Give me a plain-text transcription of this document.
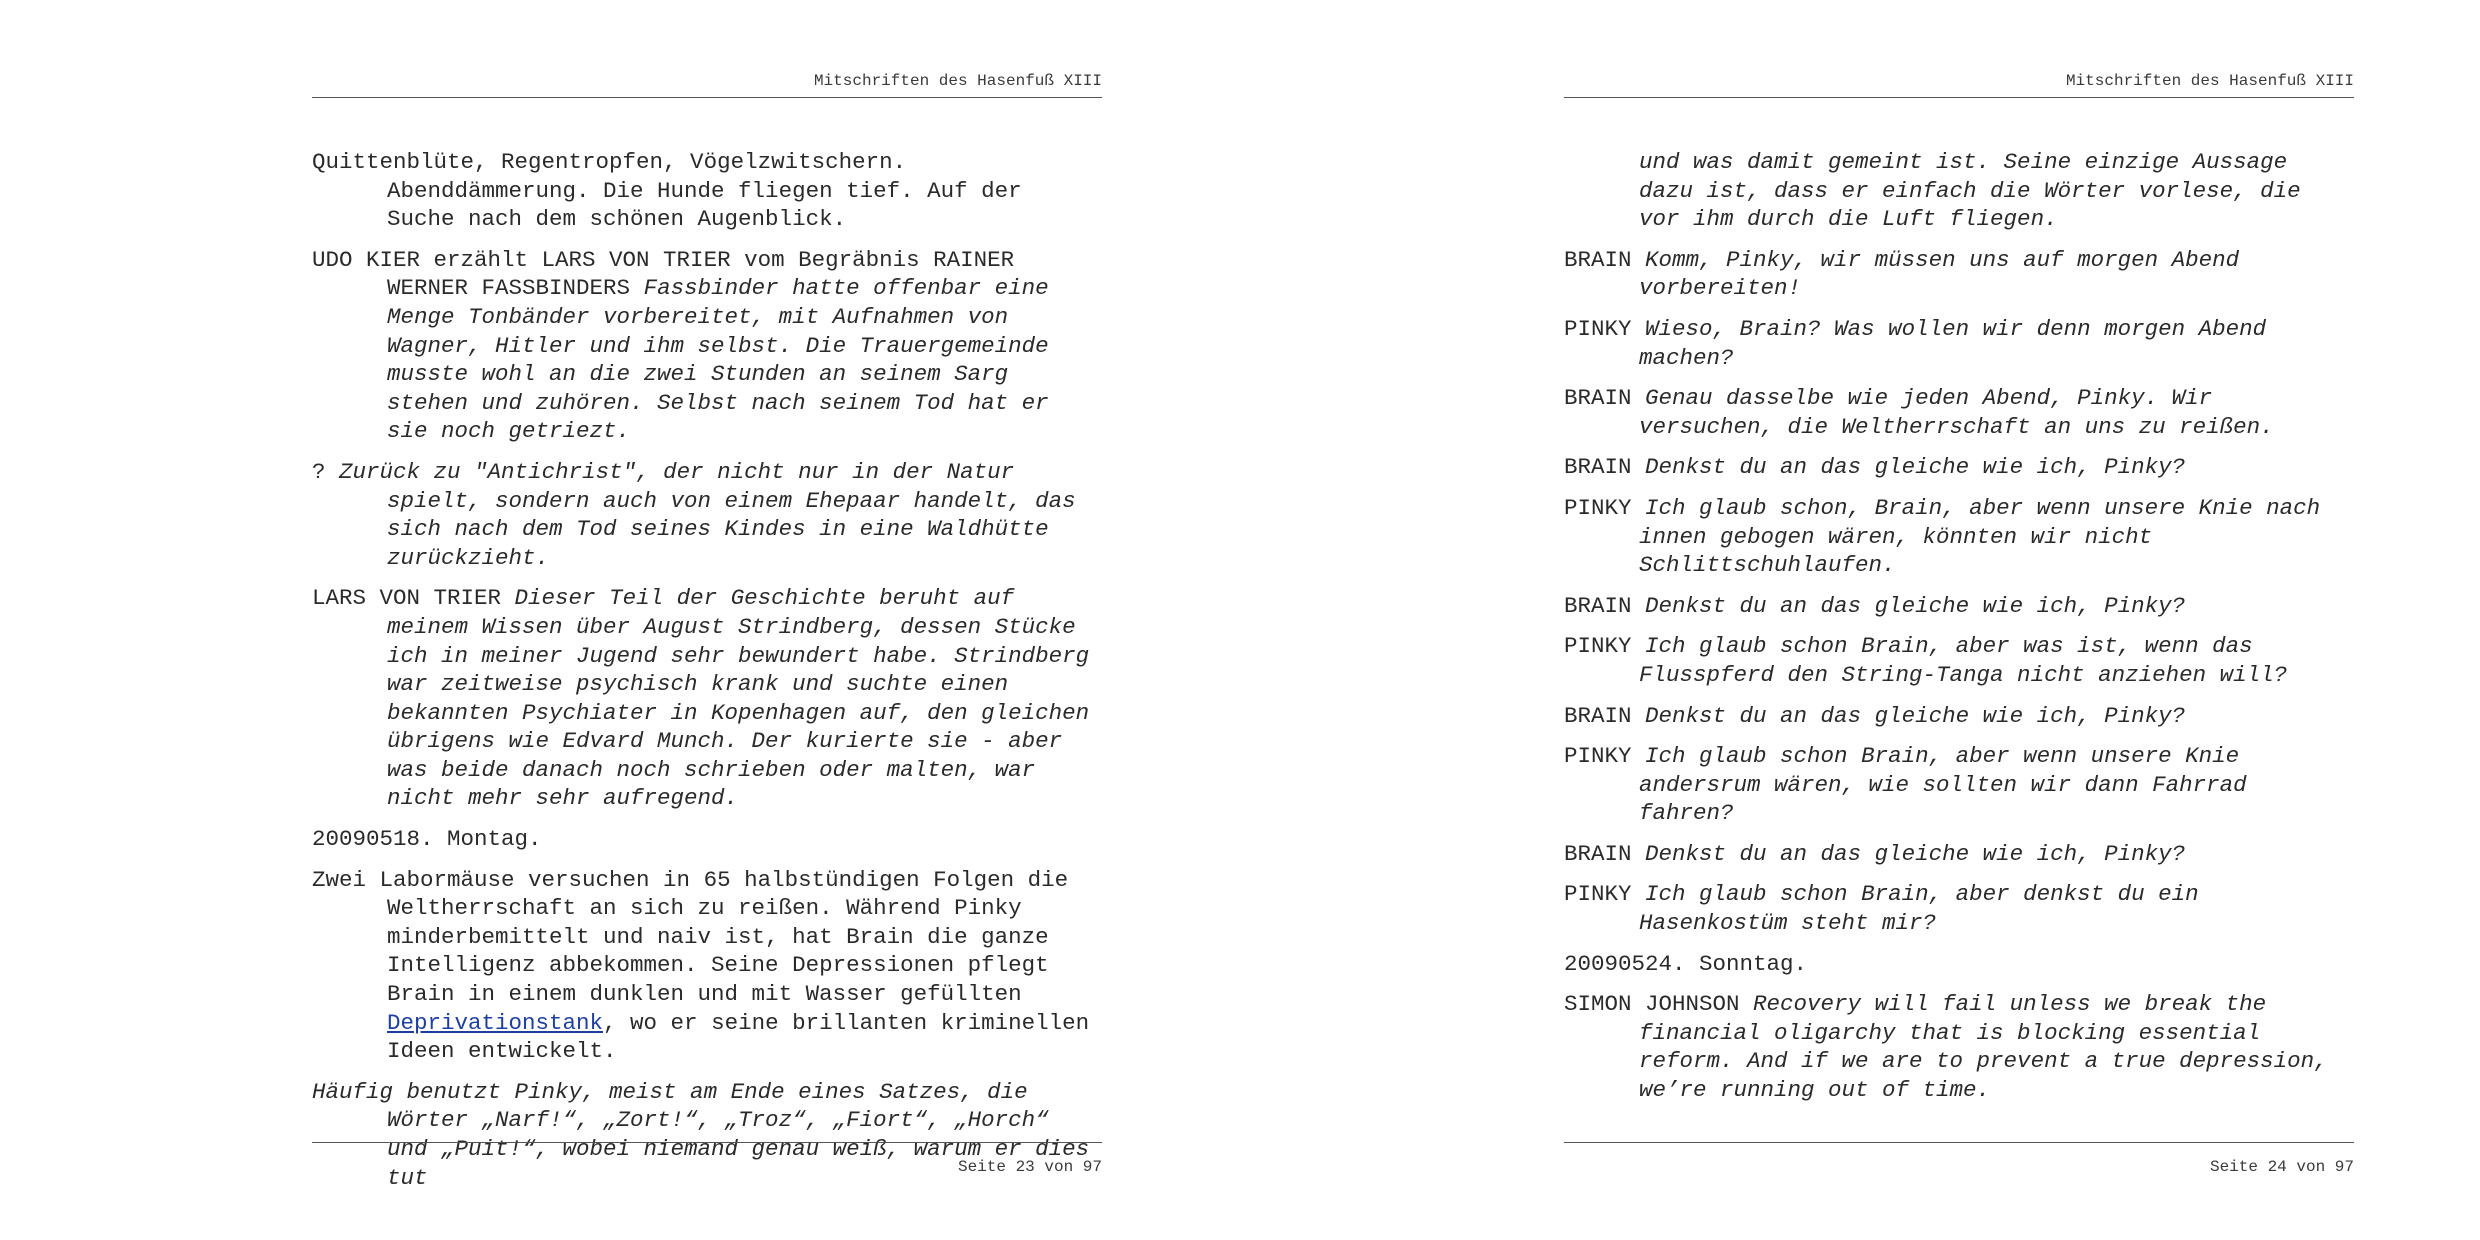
Mitschriften des Hasenfuß XIII

Quittenblüte, Regentropfen, Vögelzwitschern. Abenddämmerung. Die Hunde fliegen tief. Auf der Suche nach dem schönen Augenblick.

UDO KIER erzählt LARS VON TRIER vom Begräbnis RAINER WERNER FASSBINDERS Fassbinder hatte offenbar eine Menge Tonbänder vorbereitet, mit Aufnahmen von Wagner, Hitler und ihm selbst. Die Trauergemeinde musste wohl an die zwei Stunden an seinem Sarg stehen und zuhören. Selbst nach seinem Tod hat er sie noch getriezt.

? Zurück zu "Antichrist", der nicht nur in der Natur spielt, sondern auch von einem Ehepaar handelt, das sich nach dem Tod seines Kindes in eine Waldhütte zurückzieht.

LARS VON TRIER Dieser Teil der Geschichte beruht auf meinem Wissen über August Strindberg, dessen Stücke ich in meiner Jugend sehr bewundert habe. Strindberg war zeitweise psychisch krank und suchte einen bekannten Psychiater in Kopenhagen auf, den gleichen übrigens wie Edvard Munch. Der kurierte sie - aber was beide danach noch schrieben oder malten, war nicht mehr sehr aufregend.

20090518. Montag.

Zwei Labormäuse versuchen in 65 halbstündigen Folgen die Weltherrschaft an sich zu reißen. Während Pinky minderbemittelt und naiv ist, hat Brain die ganze Intelligenz abbekommen. Seine Depressionen pflegt Brain in einem dunklen und mit Wasser gefüllten Deprivationstank, wo er seine brillanten kriminellen Ideen entwickelt.

Häufig benutzt Pinky, meist am Ende eines Satzes, die Wörter „Narf!“, „Zort!“, „Troz“, „Fiort“, „Horch“ und „Puit!“, wobei niemand genau weiß, warum er dies tut	Seite 23 von 97
Mitschriften des Hasenfuß XIII

und was damit gemeint ist. Seine einzige Aussage dazu ist, dass er einfach die Wörter vorlese, die vor ihm durch die Luft fliegen.

BRAIN Komm, Pinky, wir müssen uns auf morgen Abend vorbereiten!

PINKY Wieso, Brain? Was wollen wir denn morgen Abend machen?

BRAIN Genau dasselbe wie jeden Abend, Pinky. Wir versuchen, die Weltherrschaft an uns zu reißen.

BRAIN Denkst du an das gleiche wie ich, Pinky?

PINKY Ich glaub schon, Brain, aber wenn unsere Knie nach innen gebogen wären, könnten wir nicht Schlittschuhlaufen.

BRAIN Denkst du an das gleiche wie ich, Pinky?

PINKY Ich glaub schon Brain, aber was ist, wenn das Flusspferd den String-Tanga nicht anziehen will?

BRAIN Denkst du an das gleiche wie ich, Pinky?

PINKY Ich glaub schon Brain, aber wenn unsere Knie andersrum wären, wie sollten wir dann Fahrrad fahren?

BRAIN Denkst du an das gleiche wie ich, Pinky?

PINKY Ich glaub schon Brain, aber denkst du ein Hasenkostüm steht mir?

20090524. Sonntag.

SIMON JOHNSON Recovery will fail unless we break the financial oligarchy that is blocking essential reform. And if we are to prevent a true depression, we’re running out of time.

Seite 24 von 97
